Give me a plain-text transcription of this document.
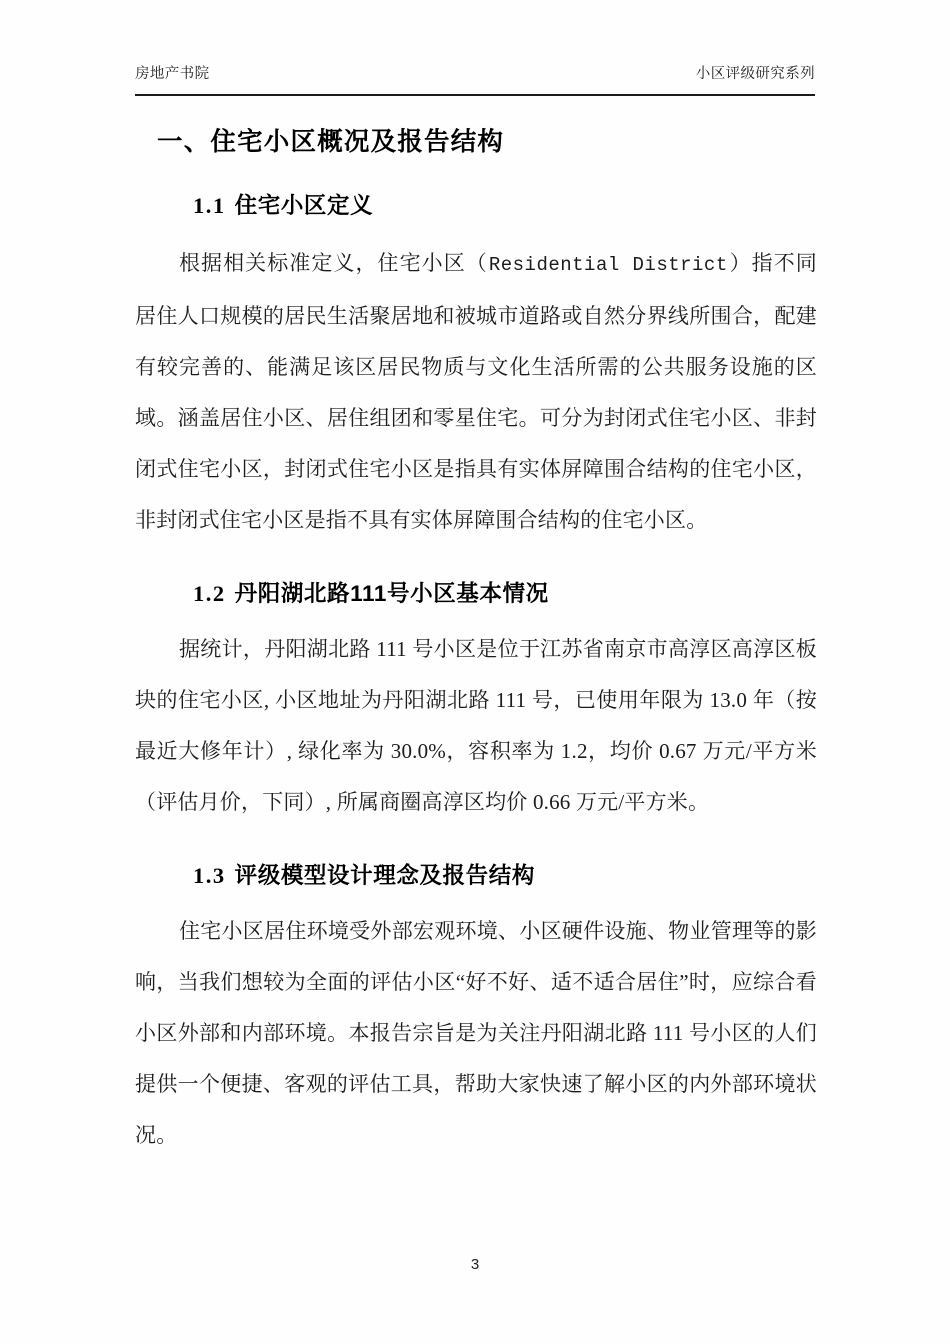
房地产书院	小区评级研究系列
一、住宅小区概况及报告结构
1.1 住宅小区定义

根据相关标准定义，住宅小区（Residential District）指不同居住人口规模的居民生活聚居地和被城市道路或自然分界线所围合，配建有较完善的、能满足该区居民物质与文化生活所需的公共服务设施的区域。涵盖居住小区、居住组团和零星住宅。可分为封闭式住宅小区、非封闭式住宅小区，封闭式住宅小区是指具有实体屏障围合结构的住宅小区，非封闭式住宅小区是指不具有实体屏障围合结构的住宅小区。

1.2 丹阳湖北路111号小区基本情况

据统计，丹阳湖北路 111 号小区是位于江苏省南京市高淳区高淳区板块的住宅小区, 小区地址为丹阳湖北路 111 号，已使用年限为 13.0 年（按最近大修年计）, 绿化率为 30.0%，容积率为 1.2，均价 0.67 万元/平方米（评估月价，下同）, 所属商圈高淳区均价 0.66 万元/平方米。

1.3 评级模型设计理念及报告结构

住宅小区居住环境受外部宏观环境、小区硬件设施、物业管理等的影响，当我们想较为全面的评估小区“好不好、适不适合居住”时，应综合看小区外部和内部环境。本报告宗旨是为关注丹阳湖北路 111 号小区的人们提供一个便捷、客观的评估工具，帮助大家快速了解小区的内外部环境状况。

3
